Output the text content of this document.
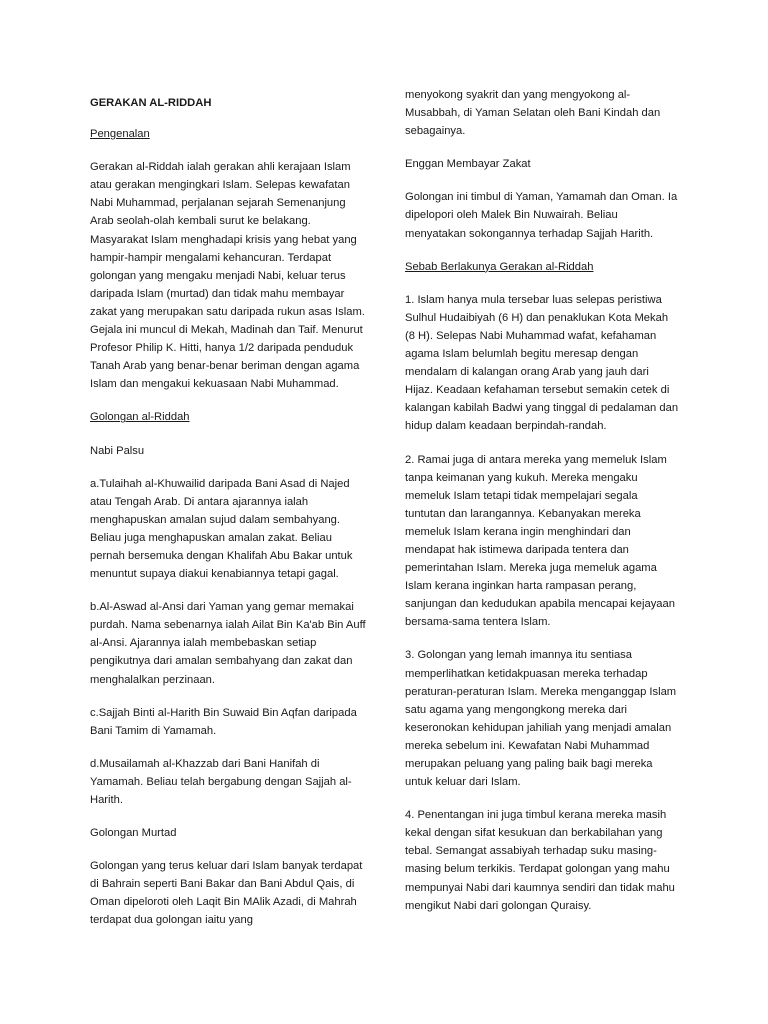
GERAKAN AL-RIDDAH

Pengenalan

Gerakan al-Riddah ialah gerakan ahli kerajaan Islam atau gerakan mengingkari Islam. Selepas kewafatan Nabi Muhammad, perjalanan sejarah Semenanjung Arab seolah-olah kembali surut ke belakang. Masyarakat Islam menghadapi krisis yang hebat yang hampir-hampir mengalami kehancuran. Terdapat golongan yang mengaku menjadi Nabi, keluar terus daripada Islam (murtad) dan tidak mahu membayar zakat yang merupakan satu daripada rukun asas Islam. Gejala ini muncul di Mekah, Madinah dan Taif. Menurut Profesor Philip K. Hitti, hanya 1/2 daripada penduduk Tanah Arab yang benar-benar beriman dengan agama Islam dan mengakui kekuasaan Nabi Muhammad.

Golongan al-Riddah

Nabi Palsu

a.Tulaihah al-Khuwailid daripada Bani Asad di Najed atau Tengah Arab. Di antara ajarannya ialah menghapuskan amalan sujud dalam sembahyang. Beliau juga menghapuskan amalan zakat. Beliau pernah bersemuka dengan Khalifah Abu Bakar untuk menuntut supaya diakui kenabiannya tetapi gagal.

b.Al-Aswad al-Ansi dari Yaman yang gemar memakai purdah. Nama sebenarnya ialah Ailat Bin Ka'ab Bin Auff al-Ansi. Ajarannya ialah membebaskan setiap pengikutnya dari amalan sembahyang dan zakat dan menghalalkan perzinaan.

c.Sajjah Binti al-Harith Bin Suwaid Bin Aqfan daripada Bani Tamim di Yamamah.

d.Musailamah al-Khazzab dari Bani Hanifah di Yamamah. Beliau telah bergabung dengan Sajjah al-Harith.

Golongan Murtad

Golongan yang terus keluar dari Islam banyak terdapat di Bahrain seperti Bani Bakar dan Bani Abdul Qais, di Oman dipeloroti oleh Laqit Bin MAlik Azadi, di Mahrah terdapat dua golongan iaitu yang

menyokong syakrit dan yang mengyokong al-Musabbah, di Yaman Selatan oleh Bani Kindah dan sebagainya.

Enggan Membayar Zakat

Golongan ini timbul di Yaman, Yamamah dan Oman. Ia dipelopori oleh Malek Bin Nuwairah. Beliau menyatakan sokongannya terhadap Sajjah Harith.

Sebab Berlakunya Gerakan al-Riddah

1. Islam hanya mula tersebar luas selepas peristiwa Sulhul Hudaibiyah (6 H) dan penaklukan Kota Mekah (8 H). Selepas Nabi Muhammad wafat, kefahaman agama Islam belumlah begitu meresap dengan mendalam di kalangan orang Arab yang jauh dari Hijaz. Keadaan kefahaman tersebut semakin cetek di kalangan kabilah Badwi yang tinggal di pedalaman dan hidup dalam keadaan berpindah-randah.

2. Ramai juga di antara mereka yang memeluk Islam tanpa keimanan yang kukuh. Mereka mengaku memeluk Islam tetapi tidak mempelajari segala tuntutan dan larangannya. Kebanyakan mereka memeluk Islam kerana ingin menghindari dan mendapat hak istimewa daripada tentera dan pemerintahan Islam. Mereka juga memeluk agama Islam kerana inginkan harta rampasan perang, sanjungan dan kedudukan apabila mencapai kejayaan bersama-sama tentera Islam.

3. Golongan yang lemah imannya itu sentiasa memperlihatkan ketidakpuasan mereka terhadap peraturan-peraturan Islam. Mereka menganggap Islam satu agama yang mengongkong mereka dari keseronokan kehidupan jahiliah yang menjadi amalan mereka sebelum ini. Kewafatan Nabi Muhammad merupakan peluang yang paling baik bagi mereka untuk keluar dari Islam.

4. Penentangan ini juga timbul kerana mereka masih kekal dengan sifat kesukuan dan berkabilahan yang tebal. Semangat assabiyah terhadap suku masing-masing belum terkikis. Terdapat golongan yang mahu mempunyai Nabi dari kaumnya sendiri dan tidak mahu mengikut Nabi dari golongan Quraisy.
